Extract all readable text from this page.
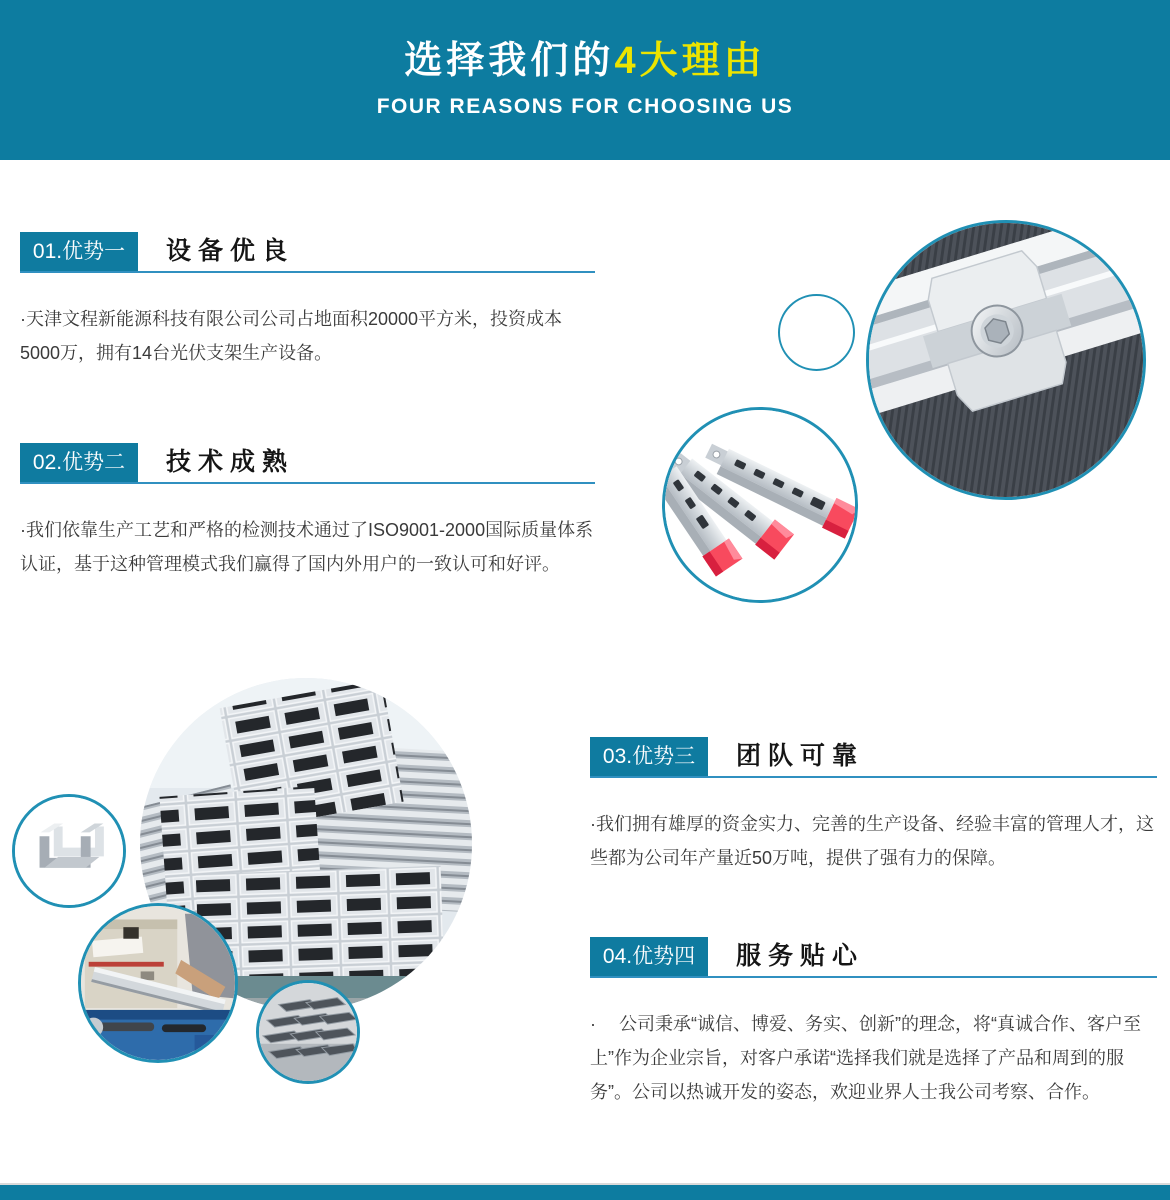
选择我们的4大理由
FOUR REASONS FOR CHOOSING US
01.优势一	设备优良
·天津文程新能源科技有限公司公司占地面积20000平方米，投资成本5000万，拥有14台光伏支架生产设备。
02.优势二	技术成熟
·我们依靠生产工艺和严格的检测技术通过了ISO9001-2000国际质量体系认证，基于这种管理模式我们赢得了国内外用户的一致认可和好评。
03.优势三	团队可靠
·我们拥有雄厚的资金实力、完善的生产设备、经验丰富的管理人才，这些都为公司年产量近50万吨，提供了强有力的保障。
04.优势四	服务贴心
·　 公司秉承“诚信、博爱、务实、创新”的理念，将“真诚合作、客户至上”作为企业宗旨，对客户承诺“选择我们就是选择了产品和周到的服务”。公司以热诚开发的姿态，欢迎业界人士我公司考察、合作。
